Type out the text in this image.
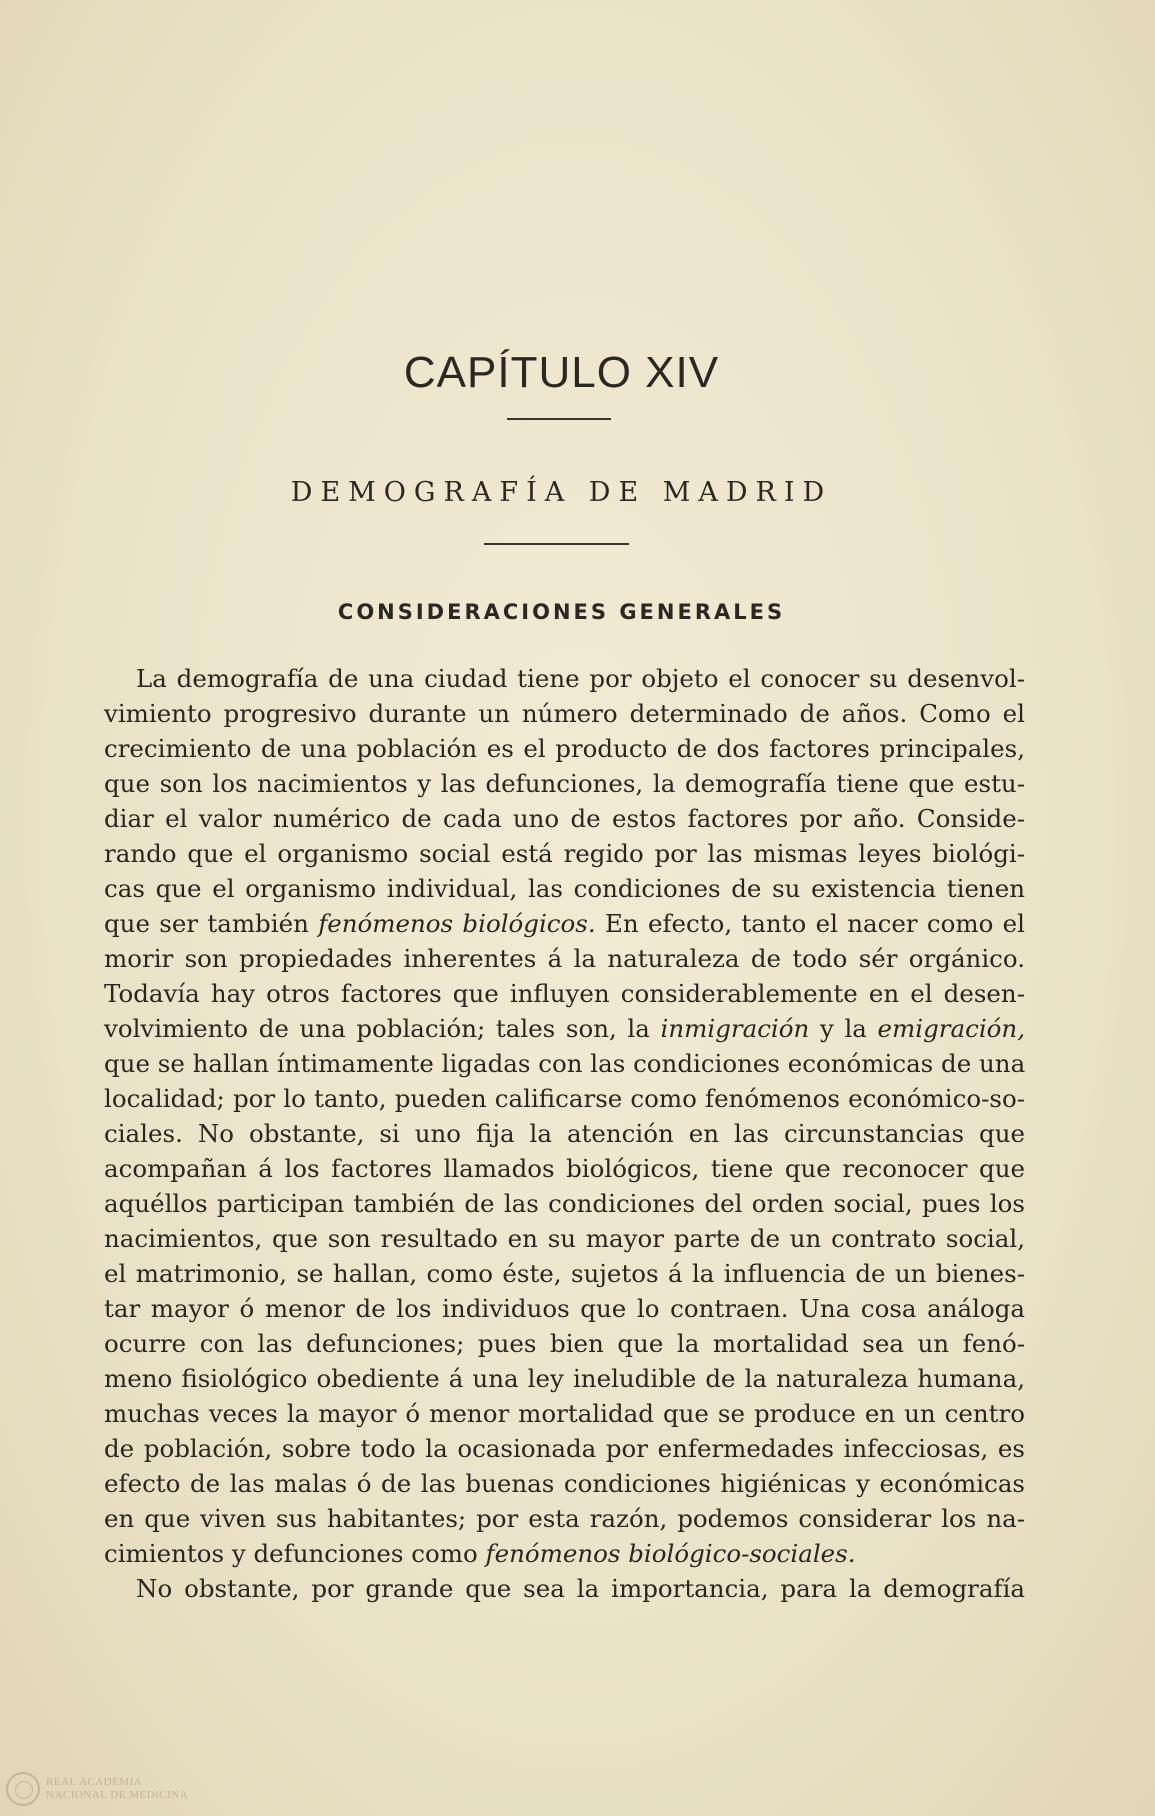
CAPÍTULO XIV
DEMOGRAFÍA DE MADRID
CONSIDERACIONES GENERALES
La demografía de una ciudad tiene por objeto el conocer su desenvol-
vimiento progresivo durante un número determinado de años. Como el
crecimiento de una población es el producto de dos factores principales,
que son los nacimientos y las defunciones, la demografía tiene que estu-
diar el valor numérico de cada uno de estos factores por año. Conside-
rando que el organismo social está regido por las mismas leyes biológi-
cas que el organismo individual, las condiciones de su existencia tienen
que ser también fenómenos biológicos. En efecto, tanto el nacer como el
morir son propiedades inherentes á la naturaleza de todo sér orgánico.
Todavía hay otros factores que influyen considerablemente en el desen-
volvimiento de una población; tales son, la inmigración y la emigración,
que se hallan íntimamente ligadas con las condiciones económicas de una
localidad; por lo tanto, pueden calificarse como fenómenos económico-so-
ciales. No obstante, si uno fija la atención en las circunstancias que
acompañan á los factores llamados biológicos, tiene que reconocer que
aquéllos participan también de las condiciones del orden social, pues los
nacimientos, que son resultado en su mayor parte de un contrato social,
el matrimonio, se hallan, como éste, sujetos á la influencia de un bienes-
tar mayor ó menor de los individuos que lo contraen. Una cosa análoga
ocurre con las defunciones; pues bien que la mortalidad sea un fenó-
meno fisiológico obediente á una ley ineludible de la naturaleza humana,
muchas veces la mayor ó menor mortalidad que se produce en un centro
de población, sobre todo la ocasionada por enfermedades infecciosas, es
efecto de las malas ó de las buenas condiciones higiénicas y económicas
en que viven sus habitantes; por esta razón, podemos considerar los na-
cimientos y defunciones como fenómenos biológico-sociales.
No obstante, por grande que sea la importancia, para la demografía
REAL ACADEMIA
NACIONAL DE MEDICINA
